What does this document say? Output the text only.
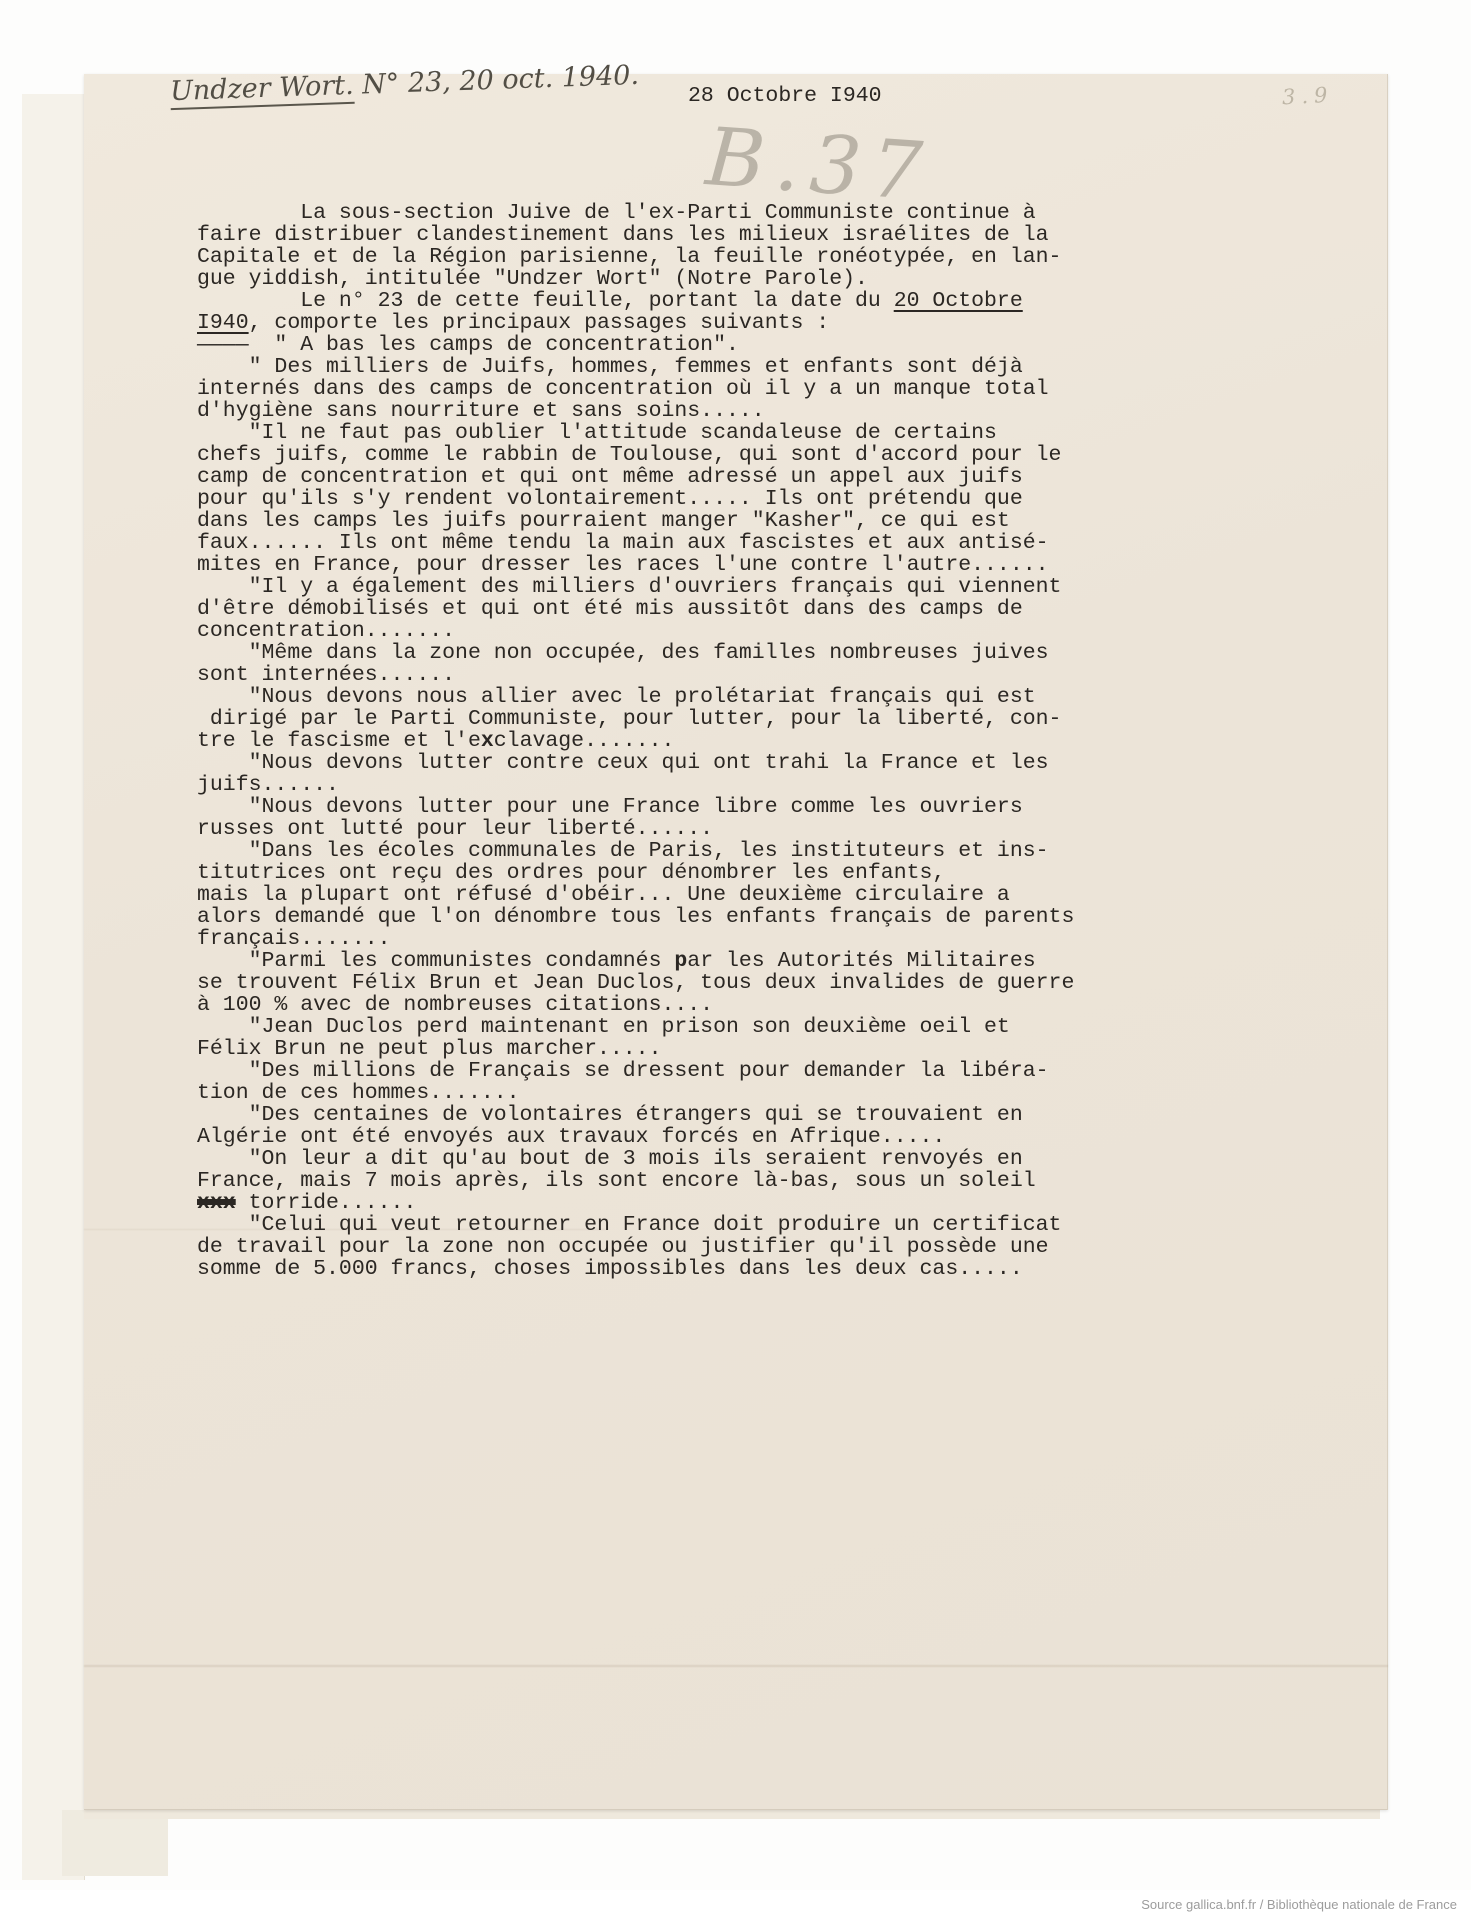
Undzer Wort. N° 23, 20 oct. 1940. 28 Octobre I940
B.37
3.9
La sous-section Juive de l'ex-Parti Communiste continue à
faire distribuer clandestinement dans les milieux israélites de la
Capitale et de la Région parisienne, la feuille ronéotypée, en lan-
gue yiddish, intitulée "Undzer Wort" (Notre Parole).
Le n° 23 de cette feuille, portant la date du 20 Octobre
I940, comporte les principaux passages suivants :
————  " A bas les camps de concentration".
" Des milliers de Juifs, hommes, femmes et enfants sont déjà
internés dans des camps de concentration où il y a un manque total
d'hygiène sans nourriture et sans soins.....
"Il ne faut pas oublier l'attitude scandaleuse de certains
chefs juifs, comme le rabbin de Toulouse, qui sont d'accord pour le
camp de concentration et qui ont même adressé un appel aux juifs
pour qu'ils s'y rendent volontairement..... Ils ont prétendu que
dans les camps les juifs pourraient manger "Kasher", ce qui est
faux...... Ils ont même tendu la main aux fascistes et aux antisé-
mites en France, pour dresser les races l'une contre l'autre......
"Il y a également des milliers d'ouvriers français qui viennent
d'être démobilisés et qui ont été mis aussitôt dans des camps de
concentration.......
"Même dans la zone non occupée, des familles nombreuses juives
sont internées......
"Nous devons nous allier avec le prolétariat français qui est
dirigé par le Parti Communiste, pour lutter, pour la liberté, con-
tre le fascisme et l'exclavage.......
"Nous devons lutter contre ceux qui ont trahi la France et les
juifs......
"Nous devons lutter pour une France libre comme les ouvriers
russes ont lutté pour leur liberté......
"Dans les écoles communales de Paris, les instituteurs et ins-
titutrices ont reçu des ordres pour dénombrer les enfants,
mais la plupart ont réfusé d'obéir... Une deuxième circulaire a
alors demandé que l'on dénombre tous les enfants français de parents
français.......
"Parmi les communistes condamnés par les Autorités Militaires
se trouvent Félix Brun et Jean Duclos, tous deux invalides de guerre
à 100 % avec de nombreuses citations....
"Jean Duclos perd maintenant en prison son deuxième oeil et
Félix Brun ne peut plus marcher.....
"Des millions de Français se dressent pour demander la libéra-
tion de ces hommes.......
"Des centaines de volontaires étrangers qui se trouvaient en
Algérie ont été envoyés aux travaux forcés en Afrique.....
"On leur a dit qu'au bout de 3 mois ils seraient renvoyés en
France, mais 7 mois après, ils sont encore là-bas, sous un soleil
xxx torride......
"Celui qui veut retourner en France doit produire un certificat
de travail pour la zone non occupée ou justifier qu'il possède une
somme de 5.000 francs, choses impossibles dans les deux cas.....
Source gallica.bnf.fr / Bibliothèque nationale de France
